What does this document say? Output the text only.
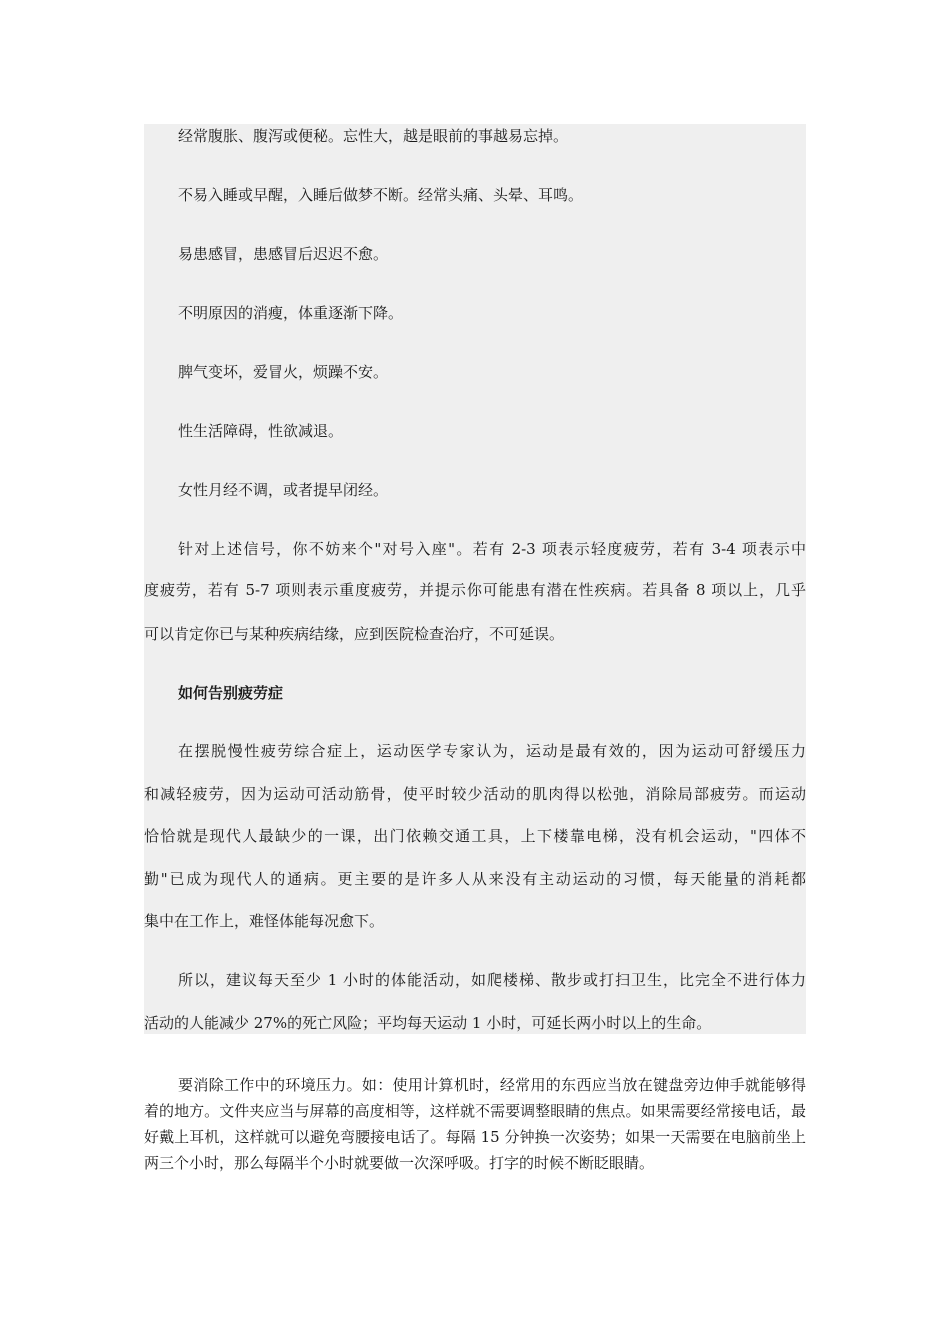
经常腹胀、腹泻或便秘。忘性大，越是眼前的事越易忘掉。
不易入睡或早醒，入睡后做梦不断。经常头痛、头晕、耳鸣。
易患感冒，患感冒后迟迟不愈。
不明原因的消瘦，体重逐渐下降。
脾气变坏，爱冒火，烦躁不安。
性生活障碍，性欲减退。
女性月经不调，或者提早闭经。
针对上述信号，你不妨来个"对号入座"。若有 2-3 项表示轻度疲劳，若有 3-4 项表示中
度疲劳，若有 5-7 项则表示重度疲劳，并提示你可能患有潜在性疾病。若具备 8 项以上，几乎
可以肯定你已与某种疾病结缘，应到医院检查治疗，不可延误。
如何告别疲劳症
在摆脱慢性疲劳综合症上，运动医学专家认为，运动是最有效的，因为运动可舒缓压力
和减轻疲劳，因为运动可活动筋骨，使平时较少活动的肌肉得以松弛，消除局部疲劳。而运动
恰恰就是现代人最缺少的一课，出门依赖交通工具，上下楼靠电梯，没有机会运动，"四体不
勤"已成为现代人的通病。更主要的是许多人从来没有主动运动的习惯，每天能量的消耗都
集中在工作上，难怪体能每况愈下。
所以，建议每天至少 1 小时的体能活动，如爬楼梯、散步或打扫卫生，比完全不进行体力
活动的人能减少 27%的死亡风险；平均每天运动 1 小时，可延长两小时以上的生命。
要消除工作中的环境压力。如：使用计算机时，经常用的东西应当放在键盘旁边伸手就能够得着的地方。文件夹应当与屏幕的高度相等，这样就不需要调整眼睛的焦点。如果需要经常接电话，最好戴上耳机，这样就可以避免弯腰接电话了。每隔 15 分钟换一次姿势；如果一天需要在电脑前坐上两三个小时，那么每隔半个小时就要做一次深呼吸。打字的时候不断眨眼睛。
